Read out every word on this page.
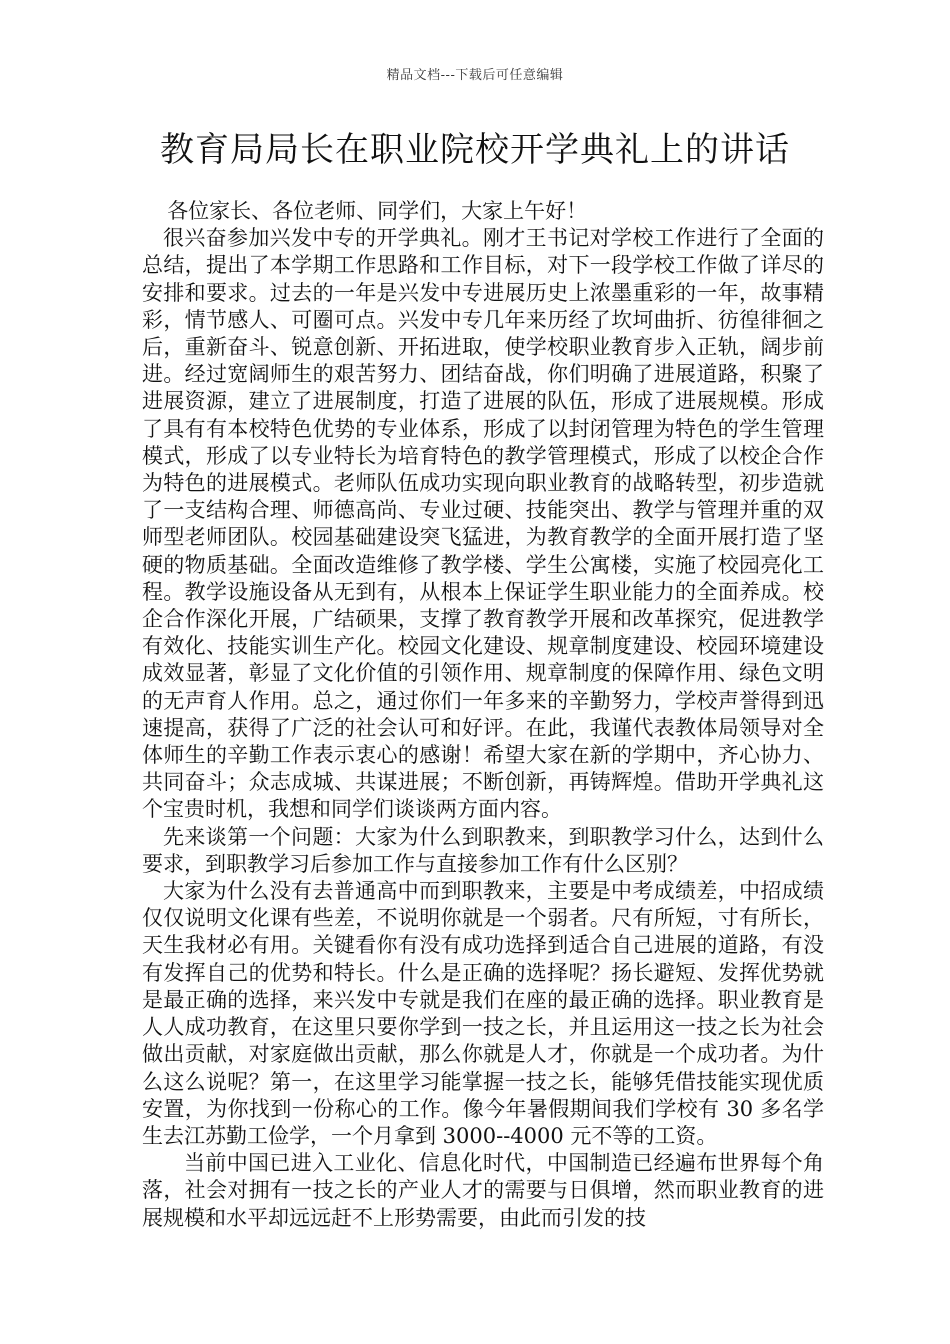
精品文档---下载后可任意编辑
教育局局长在职业院校开学典礼上的讲话

各位家长、各位老师、同学们，大家上午好！

很兴奋参加兴发中专的开学典礼。刚才王书记对学校工作进行了全面的总结，提出了本学期工作思路和工作目标，对下一段学校工作做了详尽的安排和要求。过去的一年是兴发中专进展历史上浓墨重彩的一年，故事精彩，情节感人、可圈可点。兴发中专几年来历经了坎坷曲折、彷徨徘徊之后，重新奋斗、锐意创新、开拓进取，使学校职业教育步入正轨，阔步前进。经过宽阔师生的艰苦努力、团结奋战，你们明确了进展道路，积聚了进展资源，建立了进展制度，打造了进展的队伍，形成了进展规模。形成了具有有本校特色优势的专业体系，形成了以封闭管理为特色的学生管理模式，形成了以专业特长为培育特色的教学管理模式，形成了以校企合作为特色的进展模式。老师队伍成功实现向职业教育的战略转型，初步造就了一支结构合理、师德高尚、专业过硬、技能突出、教学与管理并重的双师型老师团队。校园基础建设突飞猛进，为教育教学的全面开展打造了坚硬的物质基础。全面改造维修了教学楼、学生公寓楼，实施了校园亮化工程。教学设施设备从无到有，从根本上保证学生职业能力的全面养成。校企合作深化开展，广结硕果，支撑了教育教学开展和改革探究，促进教学有效化、技能实训生产化。校园文化建设、规章制度建设、校园环境建设成效显著，彰显了文化价值的引领作用、规章制度的保障作用、绿色文明的无声育人作用。总之，通过你们一年多来的辛勤努力，学校声誉得到迅速提高，获得了广泛的社会认可和好评。在此，我谨代表教体局领导对全体师生的辛勤工作表示衷心的感谢！希望大家在新的学期中，齐心协力、共同奋斗；众志成城、共谋进展；不断创新，再铸辉煌。借助开学典礼这个宝贵时机，我想和同学们谈谈两方面内容。

先来谈第一个问题：大家为什么到职教来，到职教学习什么，达到什么要求，到职教学习后参加工作与直接参加工作有什么区别？

大家为什么没有去普通高中而到职教来，主要是中考成绩差，中招成绩仅仅说明文化课有些差，不说明你就是一个弱者。尺有所短，寸有所长，天生我材必有用。关键看你有没有成功选择到适合自己进展的道路，有没有发挥自己的优势和特长。什么是正确的选择呢？扬长避短、发挥优势就是最正确的选择，来兴发中专就是我们在座的最正确的选择。职业教育是人人成功教育，在这里只要你学到一技之长，并且运用这一技之长为社会做出贡献，对家庭做出贡献，那么你就是人才，你就是一个成功者。为什么这么说呢？第一，在这里学习能掌握一技之长，能够凭借技能实现优质安置，为你找到一份称心的工作。像今年暑假期间我们学校有 30 多名学生去江苏勤工俭学，一个月拿到 3000--4000 元不等的工资。

当前中国已进入工业化、信息化时代，中国制造已经遍布世界每个角落，社会对拥有一技之长的产业人才的需要与日俱增，然而职业教育的进展规模和水平却远远赶不上形势需要，由此而引发的技
